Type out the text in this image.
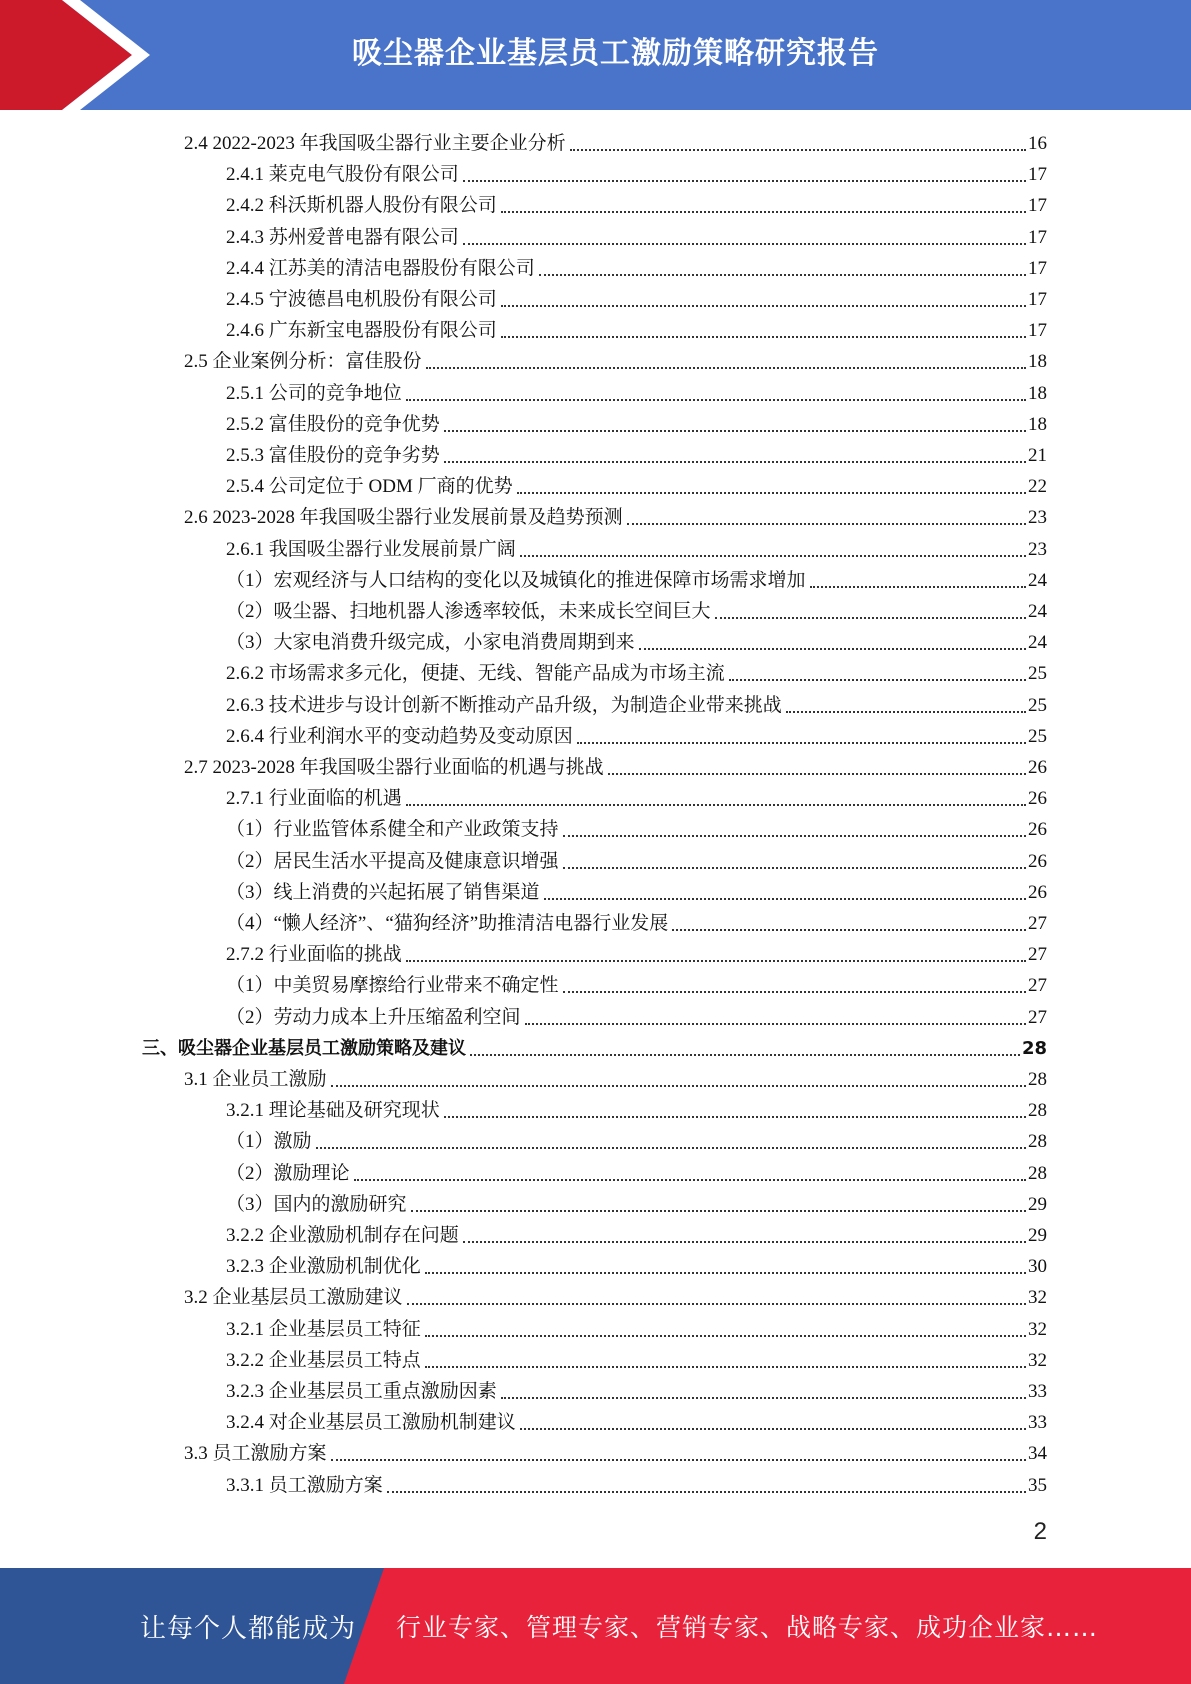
吸尘器企业基层员工激励策略研究报告
2.4 2022-2023 年我国吸尘器行业主要企业分析	16
2.4.1 莱克电气股份有限公司	17
2.4.2 科沃斯机器人股份有限公司	17
2.4.3 苏州爱普电器有限公司	17
2.4.4 江苏美的清洁电器股份有限公司	17
2.4.5 宁波德昌电机股份有限公司	17
2.4.6 广东新宝电器股份有限公司	17
2.5 企业案例分析：富佳股份	18
2.5.1 公司的竞争地位	18
2.5.2 富佳股份的竞争优势	18
2.5.3 富佳股份的竞争劣势	21
2.5.4 公司定位于 ODM 厂商的优势	22
2.6 2023-2028 年我国吸尘器行业发展前景及趋势预测	23
2.6.1 我国吸尘器行业发展前景广阔	23
（1）宏观经济与人口结构的变化以及城镇化的推进保障市场需求增加	24
（2）吸尘器、扫地机器人渗透率较低，未来成长空间巨大	24
（3）大家电消费升级完成，小家电消费周期到来	24
2.6.2 市场需求多元化，便捷、无线、智能产品成为市场主流	25
2.6.3 技术进步与设计创新不断推动产品升级，为制造企业带来挑战	25
2.6.4 行业利润水平的变动趋势及变动原因	25
2.7 2023-2028 年我国吸尘器行业面临的机遇与挑战	26
2.7.1 行业面临的机遇	26
（1）行业监管体系健全和产业政策支持	26
（2）居民生活水平提高及健康意识增强	26
（3）线上消费的兴起拓展了销售渠道	26
（4）“懒人经济”、“猫狗经济”助推清洁电器行业发展	27
2.7.2 行业面临的挑战	27
（1）中美贸易摩擦给行业带来不确定性	27
（2）劳动力成本上升压缩盈利空间	27
三、吸尘器企业基层员工激励策略及建议	28
3.1 企业员工激励	28
3.2.1 理论基础及研究现状	28
（1）激励	28
（2）激励理论	28
（3）国内的激励研究	29
3.2.2 企业激励机制存在问题	29
3.2.3 企业激励机制优化	30
3.2 企业基层员工激励建议	32
3.2.1 企业基层员工特征	32
3.2.2 企业基层员工特点	32
3.2.3 企业基层员工重点激励因素	33
3.2.4 对企业基层员工激励机制建议	33
3.3 员工激励方案	34
3.3.1 员工激励方案	35
2
让每个人都能成为 行业专家、管理专家、营销专家、战略专家、成功企业家……
